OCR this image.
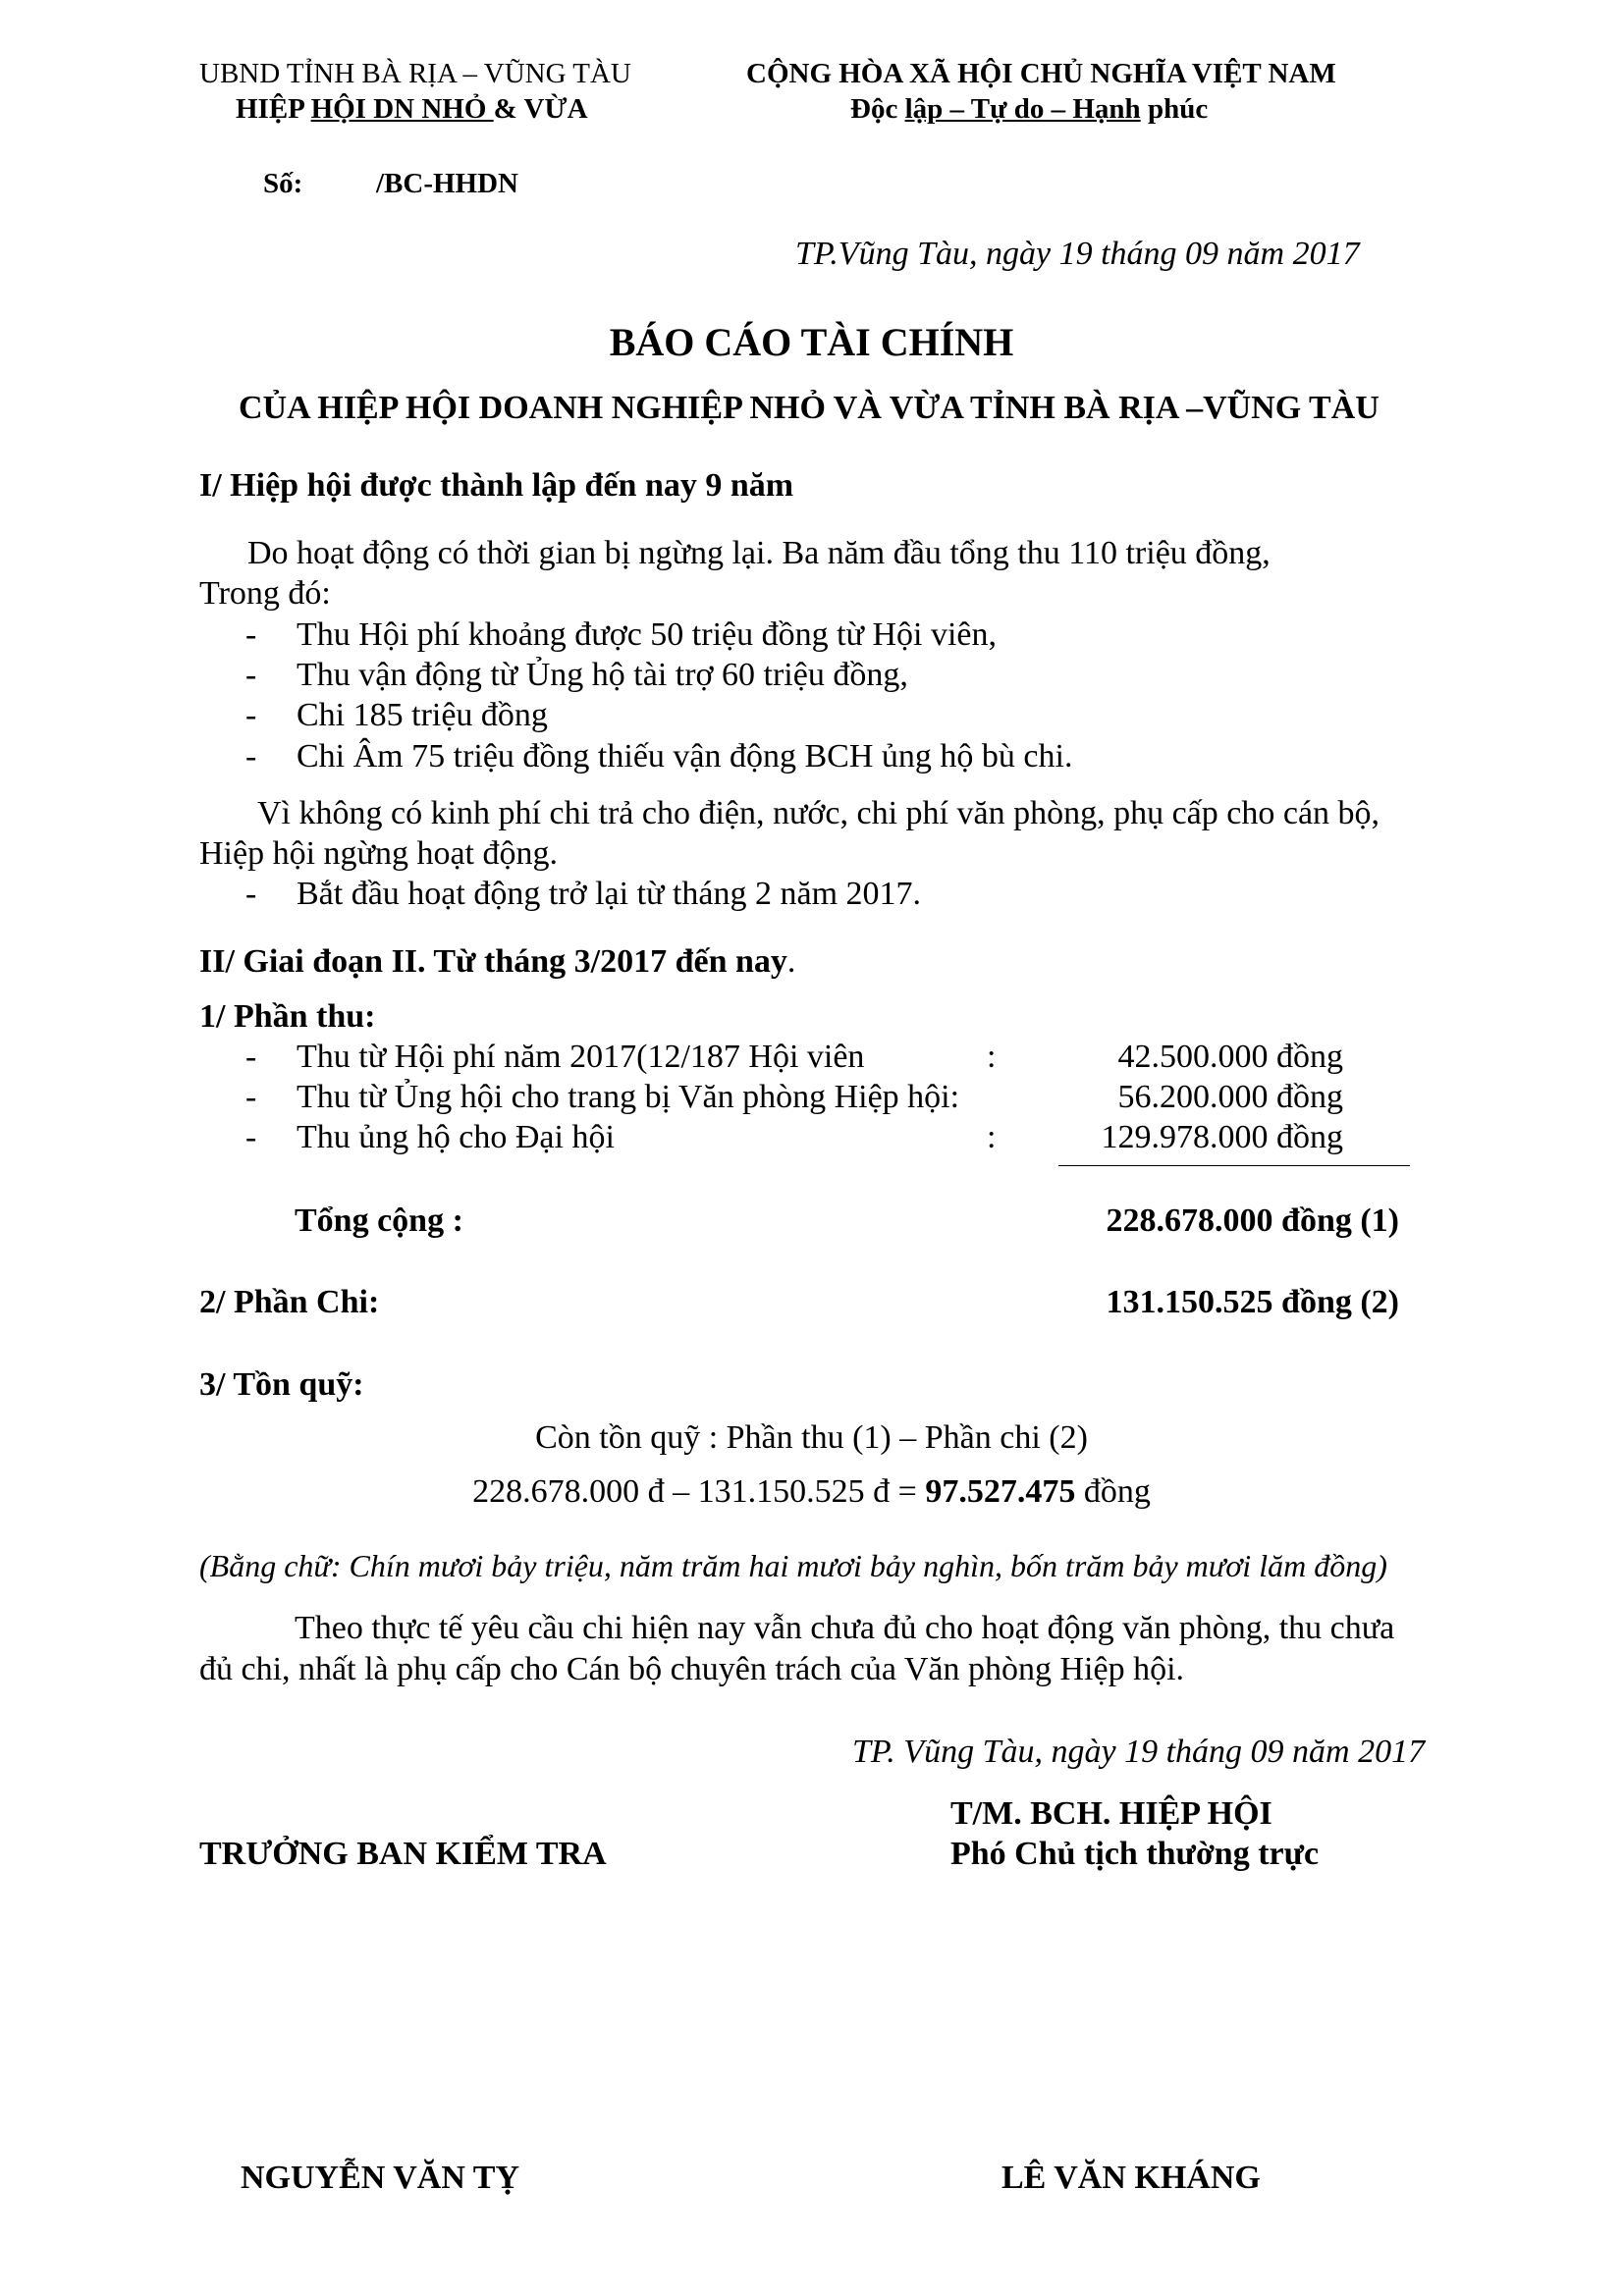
UBND TỈNH BÀ RỊA – VŨNG TÀU
HIỆP HỘI DN NHỎ & VỪA
CỘNG HÒA XÃ HỘI CHỦ NGHĨA VIỆT NAM
Độc lập – Tự do – Hạnh phúc
Số:	/BC-HHDN
TP.Vũng Tàu, ngày 19 tháng 09 năm 2017
BÁO CÁO TÀI CHÍNH
CỦA HIỆP HỘI DOANH NGHIỆP NHỎ VÀ VỪA TỈNH BÀ RỊA –VŨNG TÀU
I/ Hiệp hội được thành lập đến nay 9 năm
Do hoạt động có thời gian bị ngừng lại. Ba năm đầu tổng thu 110 triệu đồng,
Trong đó:
- Thu Hội phí khoảng được 50 triệu đồng từ Hội viên,
- Thu vận động từ Ủng hộ tài trợ 60 triệu đồng,
- Chi 185 triệu đồng
- Chi Âm 75 triệu đồng thiếu vận động BCH ủng hộ bù chi.
Vì không có kinh phí chi trả cho điện, nước, chi phí văn phòng, phụ cấp cho cán bộ,
Hiệp hội ngừng hoạt động.
- Bắt đầu hoạt động trở lại từ tháng 2 năm 2017.
II/ Giai đoạn II. Từ tháng 3/2017 đến nay.
1/ Phần thu:
- Thu từ Hội phí năm 2017(12/187 Hội viên	:	42.500.000 đồng
- Thu từ Ủng hội cho trang bị Văn phòng Hiệp hội:	56.200.000 đồng
- Thu ủng hộ cho Đại hội	:	129.978.000 đồng
Tổng cộng :	228.678.000 đồng (1)
2/ Phần Chi:	131.150.525 đồng (2)
3/ Tồn quỹ:
Còn tồn quỹ : Phần thu (1) – Phần chi (2)
228.678.000 đ – 131.150.525 đ = 97.527.475 đồng
(Bằng chữ: Chín mươi bảy triệu, năm trăm hai mươi bảy nghìn, bốn trăm bảy mươi lăm đồng)
Theo thực tế yêu cầu chi hiện nay vẫn chưa đủ cho hoạt động văn phòng, thu chưa
đủ chi, nhất là phụ cấp cho Cán bộ chuyên trách của Văn phòng Hiệp hội.
TP. Vũng Tàu, ngày 19 tháng 09 năm 2017
T/M. BCH. HIỆP HỘI
TRƯỞNG BAN KIỂM TRA	Phó Chủ tịch thường trực
NGUYỄN VĂN TỴ	LÊ VĂN KHÁNG
